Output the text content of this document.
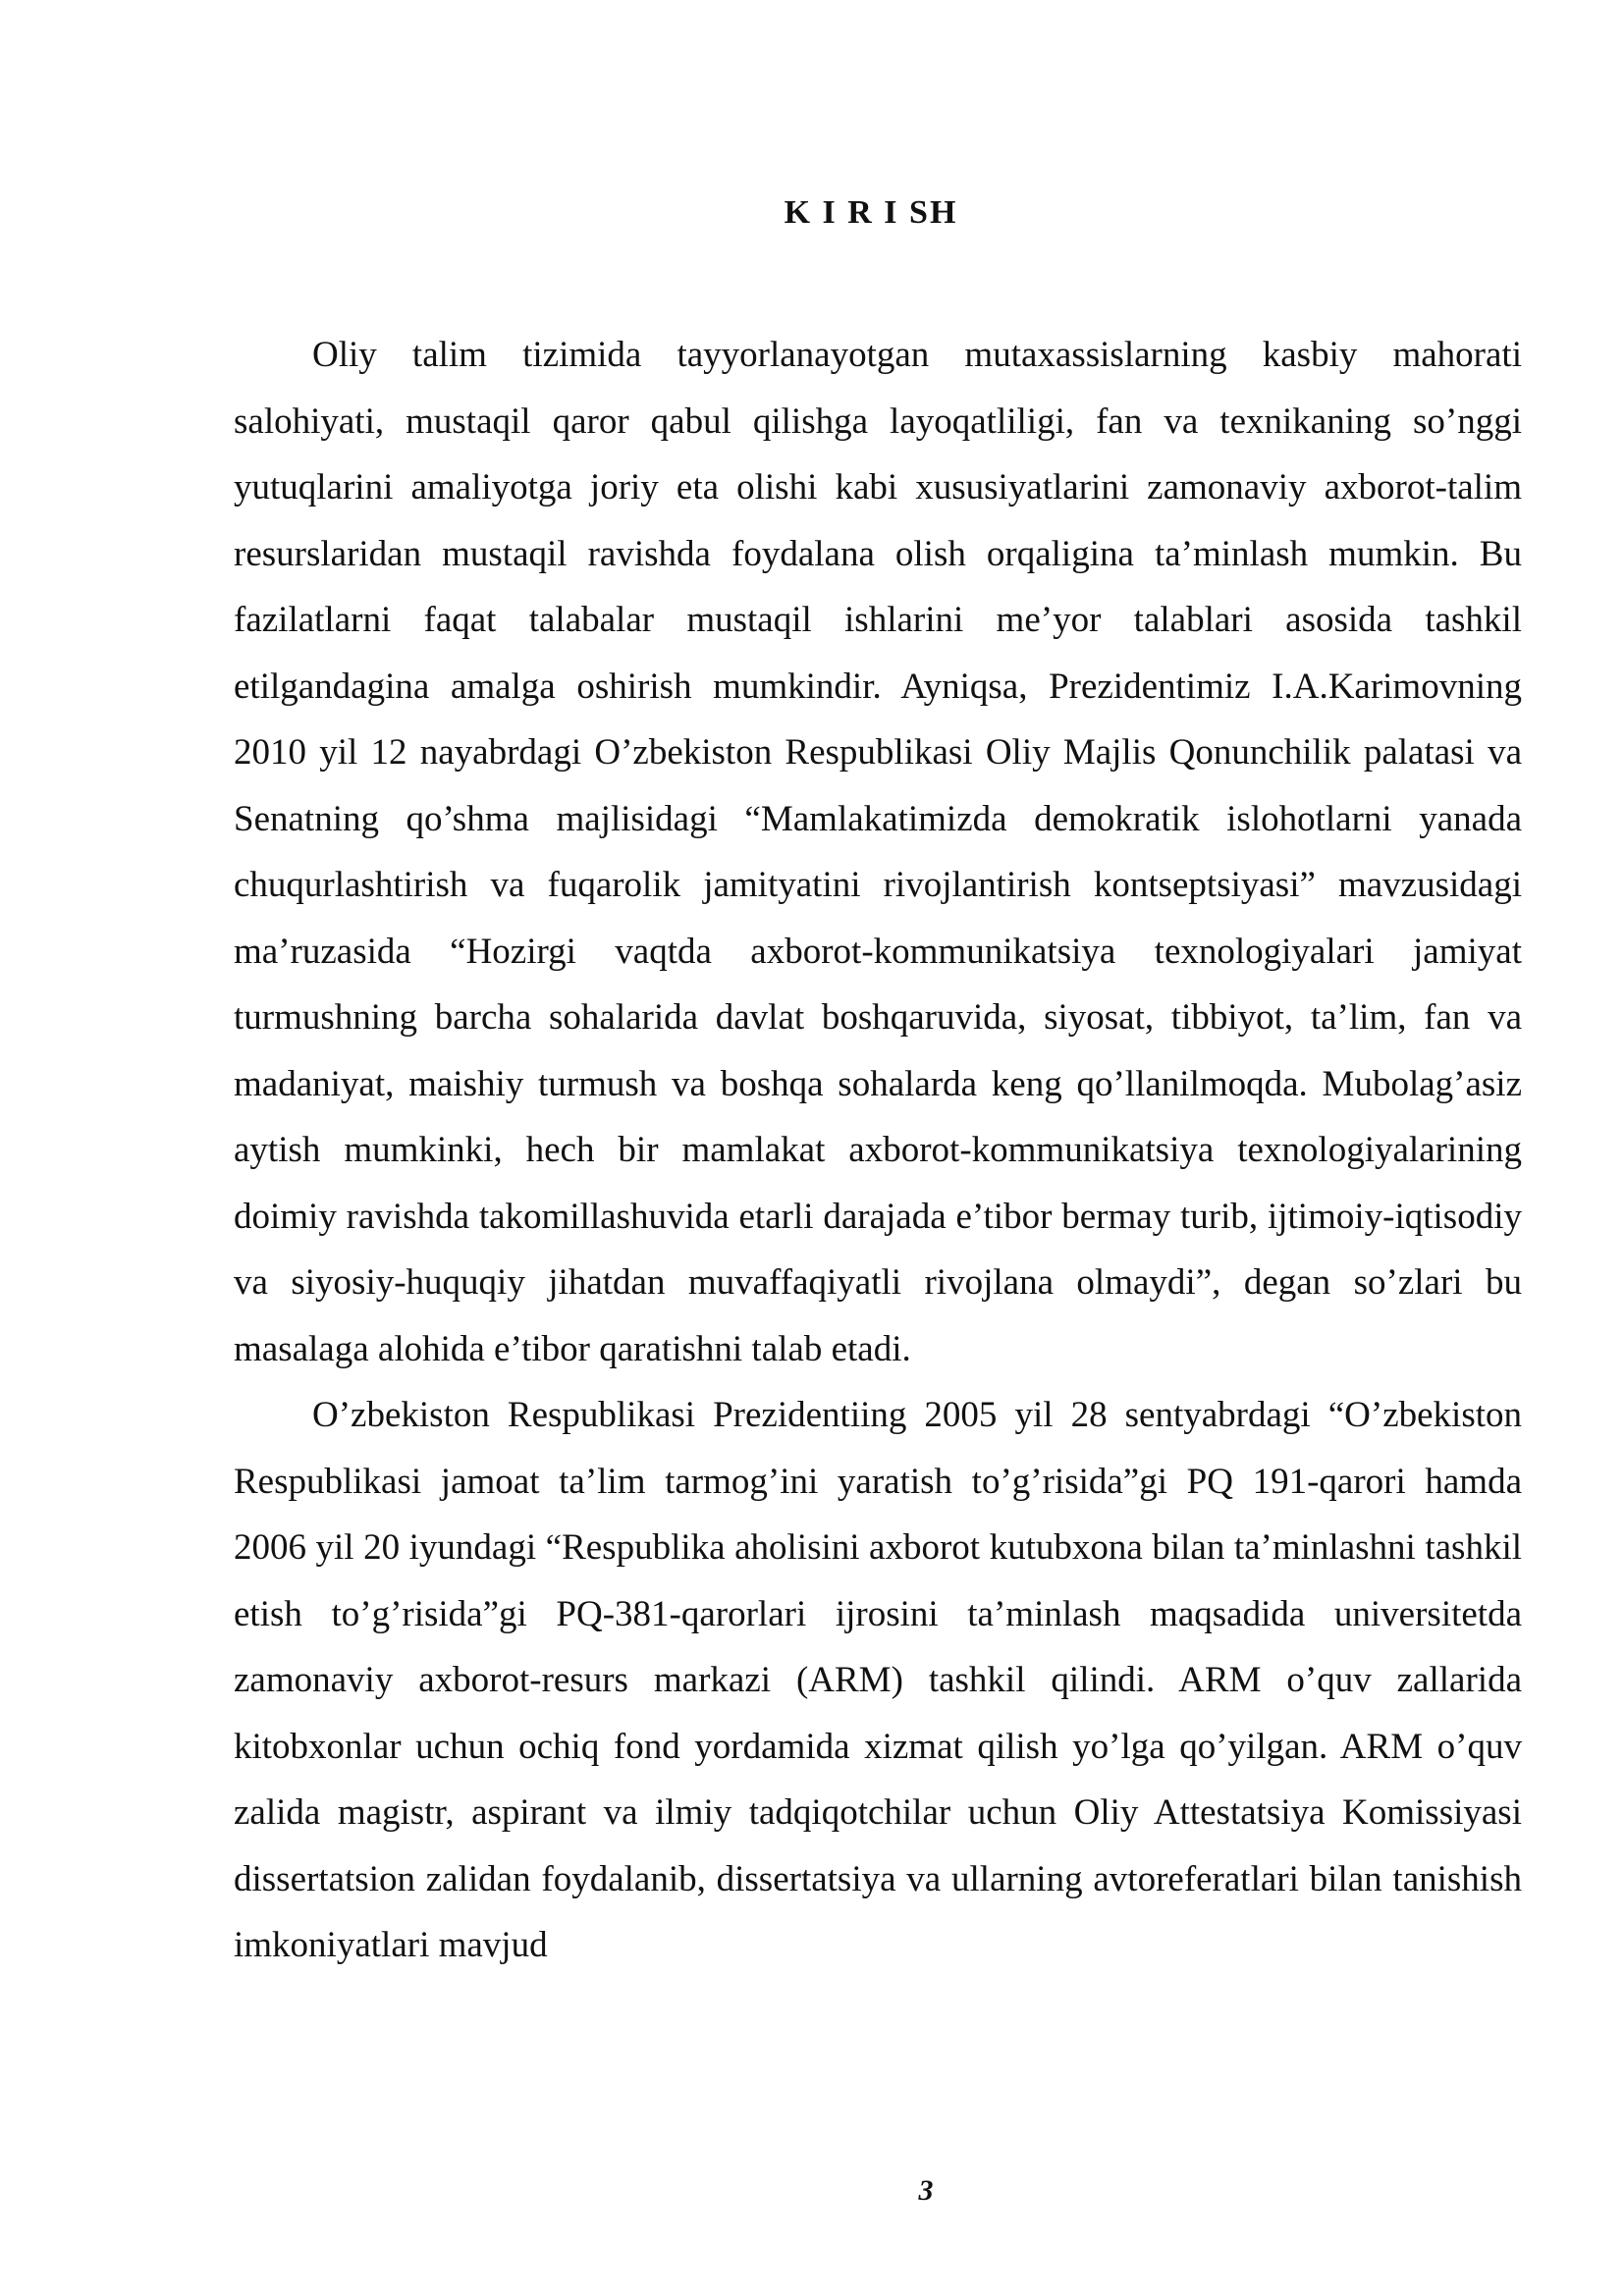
K I R I SH

Oliy talim tizimida tayyorlanayotgan mutaxassislarning kasbiy mahorati salohiyati, mustaqil qaror qabul qilishga layoqatliligi, fan va texnikaning so’nggi yutuqlarini amaliyotga joriy eta olishi kabi xususiyatlarini zamonaviy axborot-talim resurslaridan mustaqil ravishda foydalana olish orqaligina ta’minlash mumkin. Bu fazilatlarni faqat talabalar mustaqil ishlarini me’yor talablari asosida tashkil etilgandagina amalga oshirish mumkindir. Ayniqsa, Prezidentimiz I.A.Karimovning 2010 yil 12 nayabrdagi O’zbekiston Respublikasi Oliy Majlis Qonunchilik palatasi va Senatning qo’shma majlisidagi “Mamlakatimizda demokratik islohotlarni yanada chuqurlashtirish va fuqarolik jamityatini rivojlantirish kontseptsiyasi” mavzusidagi ma’ruzasida “Hozirgi vaqtda axborot-kommunikatsiya texnologiyalari jamiyat turmushning barcha sohalarida davlat boshqaruvida, siyosat, tibbiyot, ta’lim, fan va madaniyat, maishiy turmush va boshqa sohalarda keng qo’llanilmoqda. Mubolag’asiz aytish mumkinki, hech bir mamlakat axborot-kommunikatsiya texnologiyalarining doimiy ravishda takomillashuvida etarli darajada e’tibor bermay turib, ijtimoiy-iqtisodiy va siyosiy-huquqiy jihatdan muvaffaqiyatli rivojlana olmaydi”, degan so’zlari bu masalaga alohida e’tibor qaratishni talab etadi.

O’zbekiston Respublikasi Prezidentiing 2005 yil 28 sentyabrdagi “O’zbekiston Respublikasi jamoat ta’lim tarmog’ini yaratish to’g’risida”gi PQ 191-qarori hamda 2006 yil 20 iyundagi “Respublika aholisini axborot kutubxona bilan ta’minlashni tashkil etish to’g’risida”gi PQ-381-qarorlari ijrosini ta’minlash maqsadida universitetda zamonaviy axborot-resurs markazi (ARM) tashkil qilindi. ARM o’quv zallarida kitobxonlar uchun ochiq fond yordamida xizmat qilish yo’lga qo’yilgan. ARM o’quv zalida magistr, aspirant va ilmiy tadqiqotchilar uchun Oliy Attestatsiya Komissiyasi dissertatsion zalidan foydalanib, dissertatsiya va ullarning avtoreferatlari bilan tanishish imkoniyatlari mavjud

3
